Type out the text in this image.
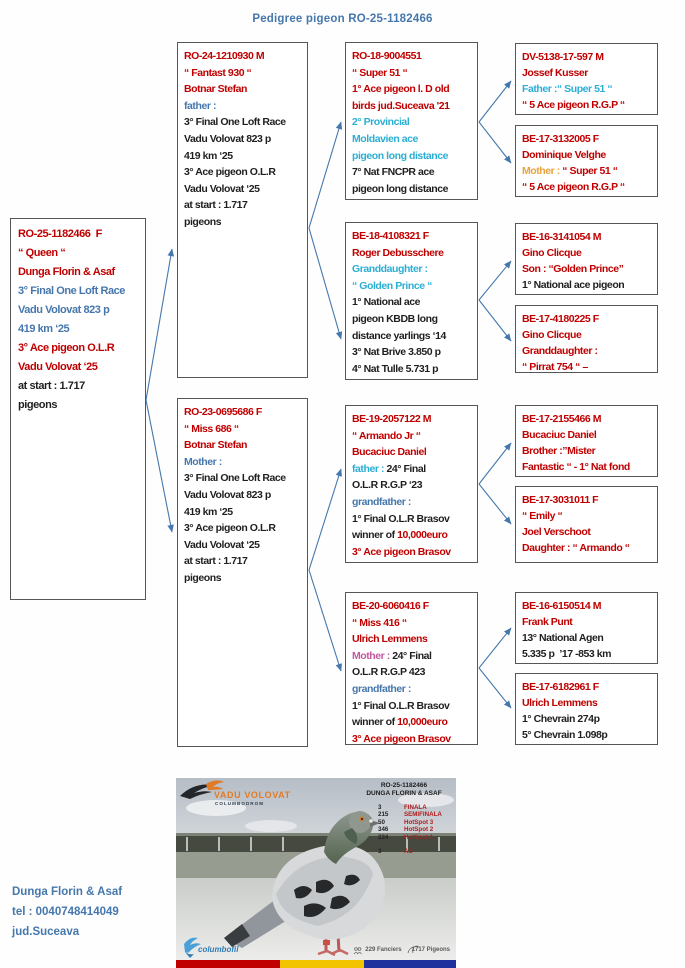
Pedigree pigeon RO-25-1182466
RO-25-1182466  F
“ Queen “
Dunga Florin & Asaf
3° Final One Loft Race
Vadu Volovat 823 p
419 km ‘25
3° Ace pigeon O.L.R
Vadu Volovat ‘25
at start : 1.717
pigeons
RO-24-1210930 M
“ Fantast 930 “
Botnar Stefan
father :
3° Final One Loft Race
Vadu Volovat 823 p
419 km ‘25
3° Ace pigeon O.L.R
Vadu Volovat ‘25
at start : 1.717
pigeons
RO-23-0695686 F
“ Miss 686 “
Botnar Stefan
Mother :
3° Final One Loft Race
Vadu Volovat 823 p
419 km ‘25
3° Ace pigeon O.L.R
Vadu Volovat ‘25
at start : 1.717
pigeons
RO-18-9004551
“ Super 51 “
1° Ace pigeon l. D old
birds jud.Suceava '21
2° Provincial
Moldavien ace
pigeon long distance
7° Nat FNCPR ace
pigeon long distance
BE-18-4108321 F
Roger Debusschere
Granddaughter :
“ Golden Prince “
1° National ace
pigeon KBDB long
distance yarlings ‘14
3° Nat Brive 3.850 p
4° Nat Tulle 5.731 p
BE-19-2057122 M
“ Armando Jr “
Bucaciuc Daniel
father : 24° Final
O.L.R R.G.P ‘23
grandfather :
1° Final O.L.R Brasov
winner of 10,000euro
3° Ace pigeon Brasov
BE-20-6060416 F
“ Miss 416 “
Ulrich Lemmens
Mother : 24° Final
O.L.R R.G.P 423
grandfather :
1° Final O.L.R Brasov
winner of 10,000euro
3° Ace pigeon Brasov
DV-5138-17-597 M
Jossef Kusser
Father :“ Super 51 “
“ 5 Ace pigeon R.G.P “
BE-17-3132005 F
Dominique Velghe
Mother : “ Super 51 “
“ 5 Ace pigeon R.G.P “
BE-16-3141054 M
Gino Clicque
Son : “Golden Prince”
1° National ace pigeon
BE-17-4180225 F
Gino Clicque
Granddaughter :
“ Pirrat 754 “ –
BE-17-2155466 M
Bucaciuc Daniel
Brother :”Mister
Fantastic “ - 1° Nat fond
BE-17-3031011 F
“ Emily “
Joel Verschoot
Daughter : “ Armando “
BE-16-6150514 M
Frank Punt
13° National Agen
5.335 p  ’17 -853 km
BE-17-6182961 F
Ulrich Lemmens
1° Chevrain 274p
5° Chevrain 1.098p
VADU VOLOVAT
COLUMBODROM
RO-25-1182466
DUNGA FLORIN & ASAF
3	FINALA
215	SEMIFINALA
50	HotSpot 3
346	HotSpot 2
224	HotSpot 1
3	AS
columbofil	229 Fanciers 1717 Pigeons
Dunga Florin & Asaf
tel : 0040748414049
jud.Suceava
